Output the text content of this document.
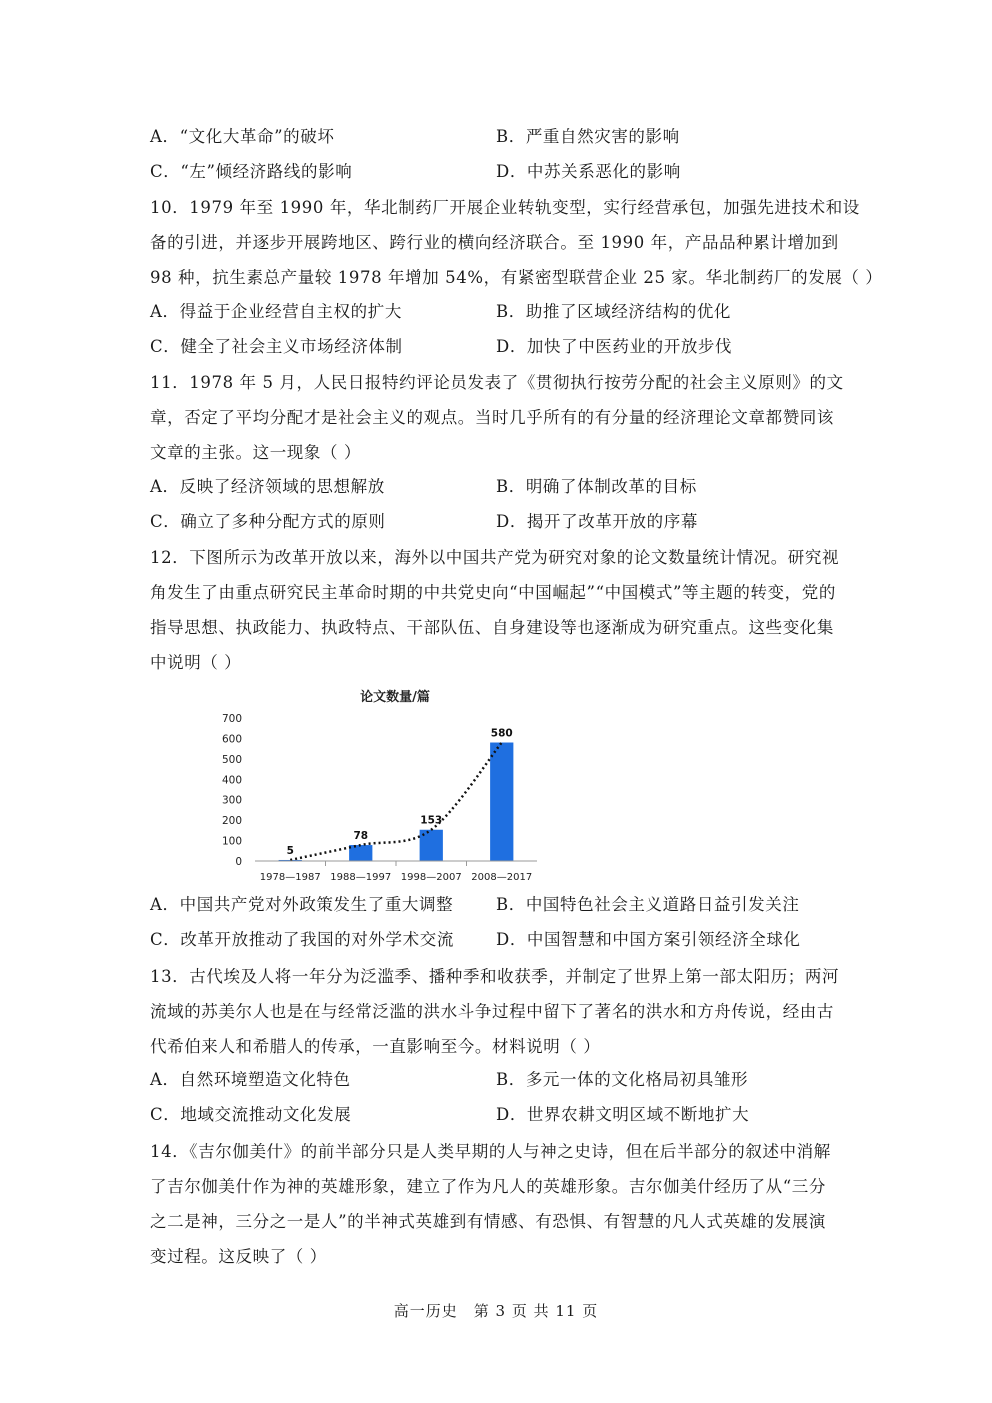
A．“文化大革命”的破坏	B．严重自然灾害的影响
C．“左”倾经济路线的影响	D．中苏关系恶化的影响
10．1979 年至 1990 年，华北制药厂开展企业转轨变型，实行经营承包，加强先进技术和设
备的引进，并逐步开展跨地区、跨行业的横向经济联合。至 1990 年，产品品种累计增加到
98 种，抗生素总产量较 1978 年增加 54%，有紧密型联营企业 25 家。华北制药厂的发展（ ）
A．得益于企业经营自主权的扩大	B．助推了区域经济结构的优化
C．健全了社会主义市场经济体制	D．加快了中医药业的开放步伐
11．1978 年 5 月，人民日报特约评论员发表了《贯彻执行按劳分配的社会主义原则》的文
章，否定了平均分配才是社会主义的观点。当时几乎所有的有分量的经济理论文章都赞同该
文章的主张。这一现象（ ）
A．反映了经济领域的思想解放	B．明确了体制改革的目标
C．确立了多种分配方式的原则	D．揭开了改革开放的序幕
12．下图所示为改革开放以来，海外以中国共产党为研究对象的论文数量统计情况。研究视
角发生了由重点研究民主革命时期的中共党史向“中国崛起”“中国模式”等主题的转变，党的
指导思想、执政能力、执政特点、干部队伍、自身建设等也逐渐成为研究重点。这些变化集
中说明（ ）
论文数量/篇
0
100
200
300
400
500
600
700
5
78
153
580
1978—1987 1988—1997 1998—2007 2008—2017
A．中国共产党对外政策发生了重大调整	B．中国特色社会主义道路日益引发关注
C．改革开放推动了我国的对外学术交流	D．中国智慧和中国方案引领经济全球化
13．古代埃及人将一年分为泛滥季、播种季和收获季，并制定了世界上第一部太阳历；两河
流域的苏美尔人也是在与经常泛滥的洪水斗争过程中留下了著名的洪水和方舟传说，经由古
代希伯来人和希腊人的传承，一直影响至今。材料说明（ ）
A．自然环境塑造文化特色	B．多元一体的文化格局初具雏形
C．地域交流推动文化发展	D．世界农耕文明区域不断地扩大
14．《吉尔伽美什》的前半部分只是人类早期的人与神之史诗，但在后半部分的叙述中消解
了吉尔伽美什作为神的英雄形象，建立了作为凡人的英雄形象。吉尔伽美什经历了从“三分
之二是神，三分之一是人”的半神式英雄到有情感、有恐惧、有智慧的凡人式英雄的发展演
变过程。这反映了（ ）
高一历史　第 3 页 共 11 页
